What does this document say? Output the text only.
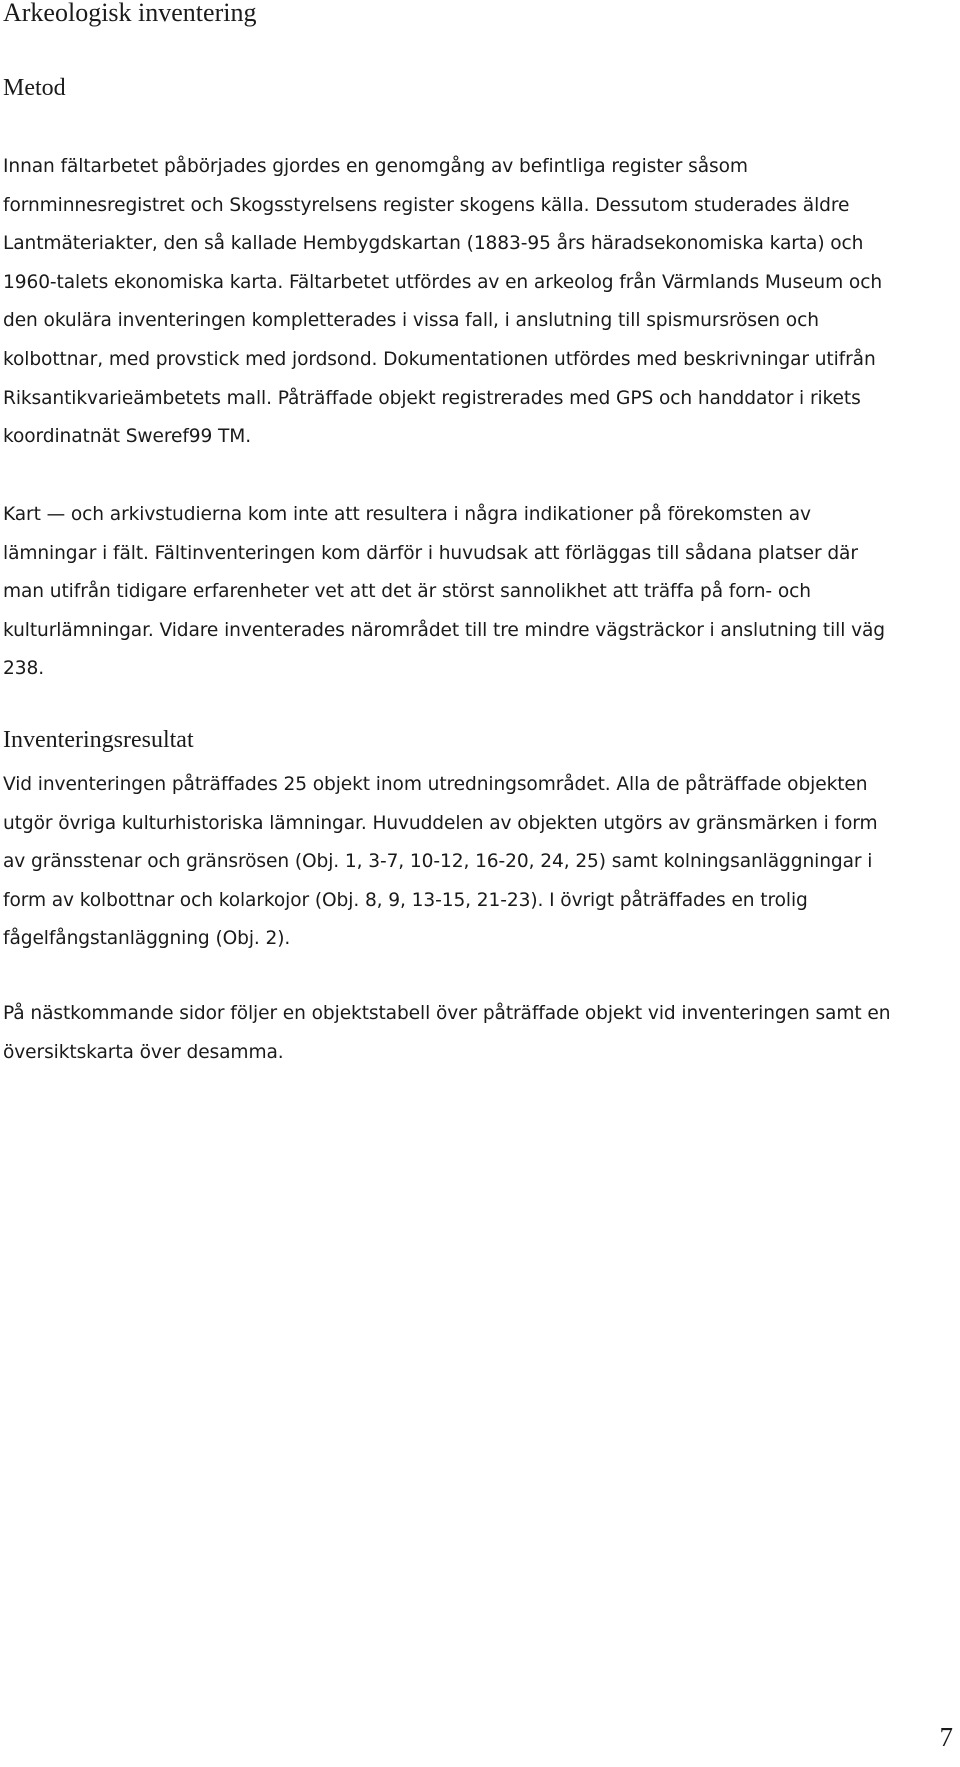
Arkeologisk inventering
Metod
Innan fältarbetet påbörjades gjordes en genomgång av befintliga register såsom
fornminnesregistret och Skogsstyrelsens register skogens källa. Dessutom studerades äldre
Lantmäteriakter, den så kallade Hembygdskartan (1883-95 års häradsekonomiska karta) och
1960-talets ekonomiska karta. Fältarbetet utfördes av en arkeolog från Värmlands Museum och
den okulära inventeringen kompletterades i vissa fall, i anslutning till spismursrösen och
kolbottnar, med provstick med jordsond. Dokumentationen utfördes med beskrivningar utifrån
Riksantikvarieämbetets mall. Påträffade objekt registrerades med GPS och handdator i rikets
koordinatnät Sweref99 TM.
Kart — och arkivstudierna kom inte att resultera i några indikationer på förekomsten av
lämningar i fält. Fältinventeringen kom därför i huvudsak att förläggas till sådana platser där
man utifrån tidigare erfarenheter vet att det är störst sannolikhet att träffa på forn- och
kulturlämningar. Vidare inventerades närområdet till tre mindre vägsträckor i anslutning till väg
238.
Inventeringsresultat
Vid inventeringen påträffades 25 objekt inom utredningsområdet. Alla de påträffade objekten
utgör övriga kulturhistoriska lämningar. Huvuddelen av objekten utgörs av gränsmärken i form
av gränsstenar och gränsrösen (Obj. 1, 3-7, 10-12, 16-20, 24, 25) samt kolningsanläggningar i
form av kolbottnar och kolarkojor (Obj. 8, 9, 13-15, 21-23). I övrigt påträffades en trolig
fågelfångstanläggning (Obj. 2).
På nästkommande sidor följer en objektstabell över påträffade objekt vid inventeringen samt en
översiktskarta över desamma.
7
